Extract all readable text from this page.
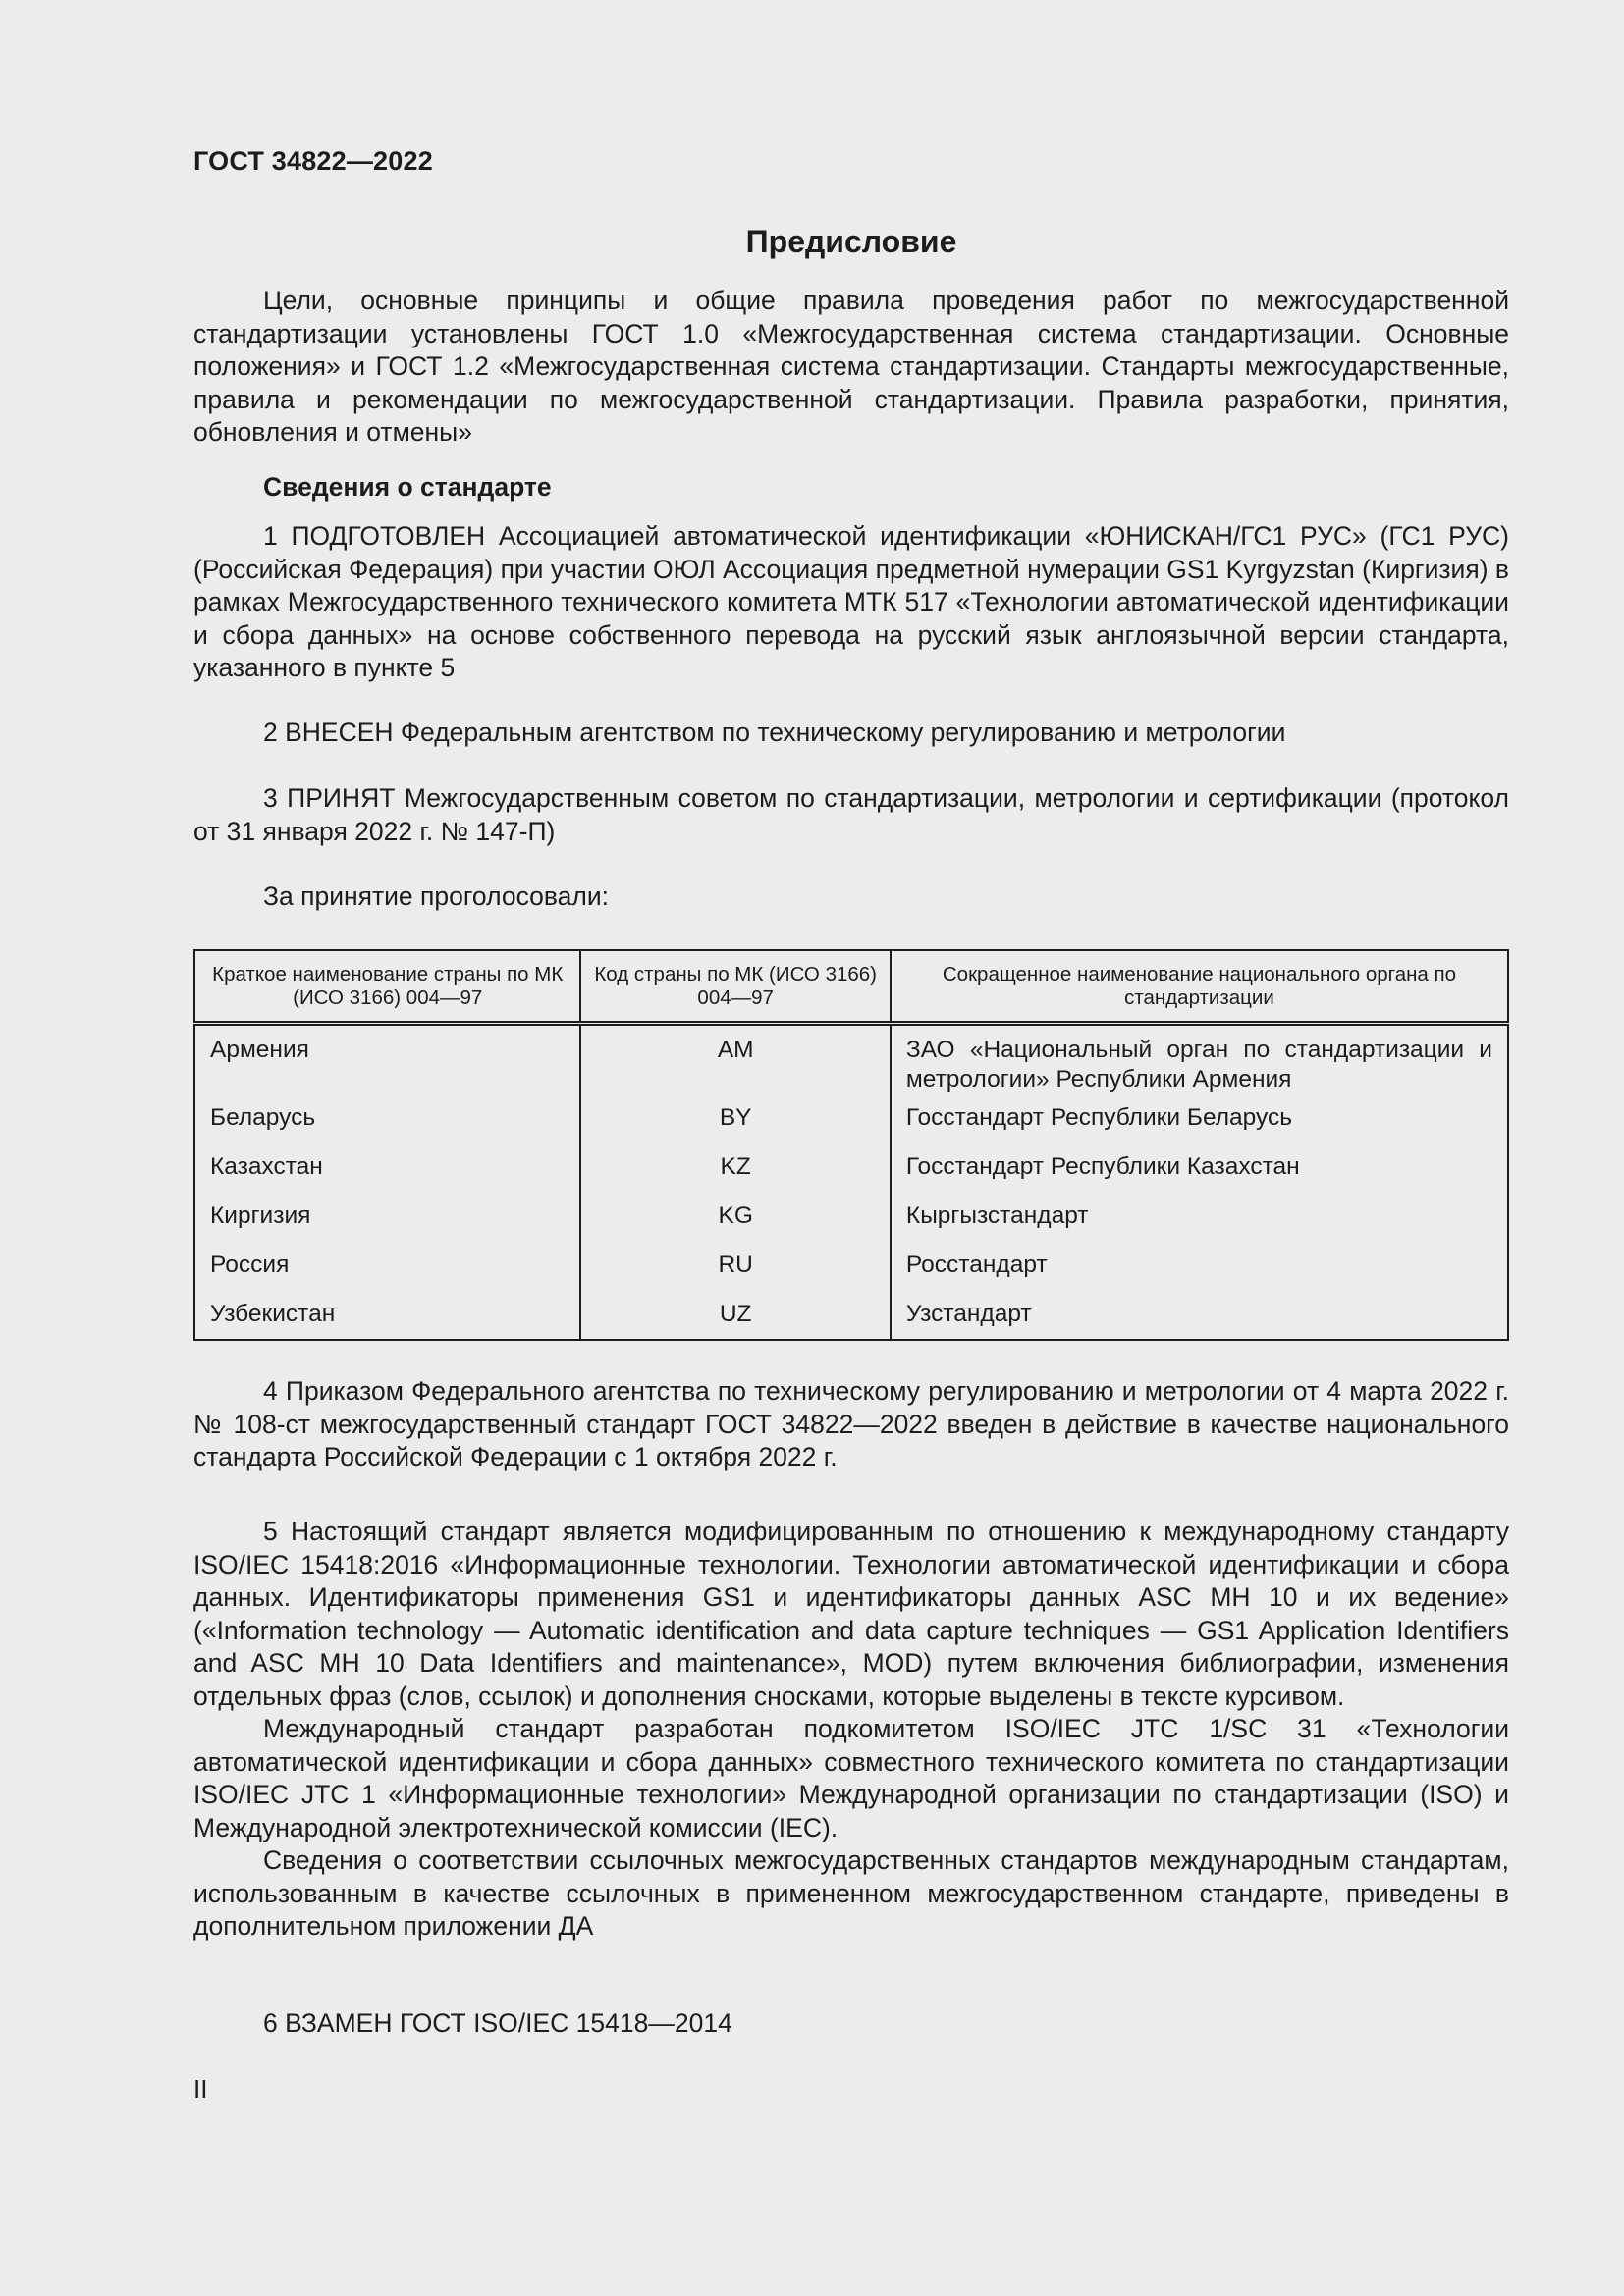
ГОСТ 34822—2022
Предисловие

Цели, основные принципы и общие правила проведения работ по межгосударственной стандартизации установлены ГОСТ 1.0 «Межгосударственная система стандартизации. Основные положения» и ГОСТ 1.2 «Межгосударственная система стандартизации. Стандарты межгосударственные, правила и рекомендации по межгосударственной стандартизации. Правила разработки, принятия, обновления и отмены»

Сведения о стандарте

1 ПОДГОТОВЛЕН Ассоциацией автоматической идентификации «ЮНИСКАН/ГС1 РУС» (ГС1 РУС) (Российская Федерация) при участии ОЮЛ Ассоциация предметной нумерации GS1 Kyrgyzstan (Киргизия) в рамках Межгосударственного технического комитета МТК 517 «Технологии автоматической идентификации и сбора данных» на основе собственного перевода на русский язык англоязычной версии стандарта, указанного в пункте 5

2 ВНЕСЕН Федеральным агентством по техническому регулированию и метрологии

3 ПРИНЯТ Межгосударственным советом по стандартизации, метрологии и сертификации (протокол от 31 января 2022 г. № 147-П)

За принятие проголосовали:
Краткое наименование страны по МК (ИСО 3166) 004—97	Код страны по МК (ИСО 3166) 004—97	Сокращенное наименование национального органа по стандартизации
Армения	AM	ЗАО «Национальный орган по стандартизации и метрологии» Республики Армения
Беларусь	BY	Госстандарт Республики Беларусь
Казахстан	KZ	Госстандарт Республики Казахстан
Киргизия	KG	Кыргызстандарт
Россия	RU	Росстандарт
Узбекистан	UZ	Узстандарт

4 Приказом Федерального агентства по техническому регулированию и метрологии от 4 марта 2022 г. № 108-ст межгосударственный стандарт ГОСТ 34822—2022 введен в действие в качестве национального стандарта Российской Федерации с 1 октября 2022 г.

5 Настоящий стандарт является модифицированным по отношению к международному стандарту ISO/IEC 15418:2016 «Информационные технологии. Технологии автоматической идентификации и сбора данных. Идентификаторы применения GS1 и идентификаторы данных ASC MH 10 и их ведение» («Information technology — Automatic identification and data capture techniques — GS1 Application Identifiers and ASC MH 10 Data Identifiers and maintenance», MOD) путем включения библиографии, изменения отдельных фраз (слов, ссылок) и дополнения сносками, которые выделены в тексте курсивом.

Международный стандарт разработан подкомитетом ISO/IEC JTC 1/SC 31 «Технологии автоматической идентификации и сбора данных» совместного технического комитета по стандартизации ISO/IEC JTC 1 «Информационные технологии» Международной организации по стандартизации (ISO) и Международной электротехнической комиссии (IEC).

Сведения о соответствии ссылочных межгосударственных стандартов международным стандартам, использованным в качестве ссылочных в примененном межгосударственном стандарте, приведены в дополнительном приложении ДА

6 ВЗАМЕН ГОСТ ISO/IEC 15418—2014
II
